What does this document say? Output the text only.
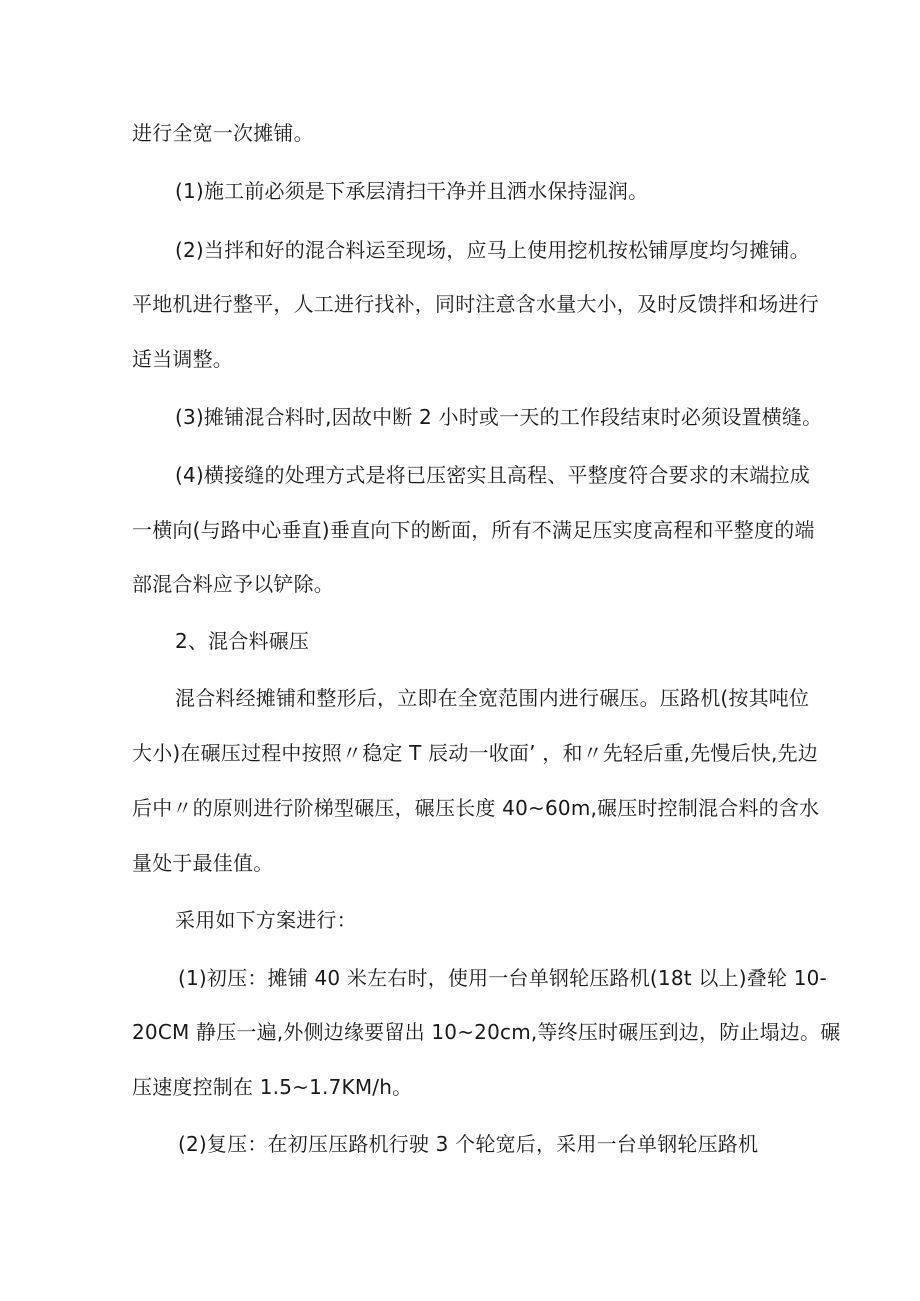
进行全宽一次摊铺。
(1)施工前必须是下承层清扫干净并且洒水保持湿润。
(2)当拌和好的混合料运至现场，应马上使用挖机按松铺厚度均匀摊铺。
平地机进行整平，人工进行找补，同时注意含水量大小，及时反馈拌和场进行
适当调整。
(3)摊铺混合料时,因故中断 2 小时或一天的工作段结束时必须设置横缝。
(4)横接缝的处理方式是将已压密实且高程、平整度符合要求的末端拉成
一横向(与路中心垂直)垂直向下的断面，所有不满足压实度高程和平整度的端
部混合料应予以铲除。
2、混合料碾压
混合料经摊铺和整形后，立即在全宽范围内进行碾压。压路机(按其吨位
大小)在碾压过程中按照〃稳定 T 辰动一收面’ ，和〃先轻后重,先慢后快,先边
后中〃的原则进行阶梯型碾压，碾压长度 40~60m,碾压时控制混合料的含水
量处于最佳值。
采用如下方案进行：
(1)初压：摊铺 40 米左右时，使用一台单钢轮压路机(18t 以上)叠轮 10-
20CM 静压一遍,外侧边缘要留出 10~20cm,等终压时碾压到边，防止塌边。碾
压速度控制在 1.5~1.7KM/h。
(2)复压：在初压压路机行驶 3 个轮宽后，采用一台单钢轮压路机
